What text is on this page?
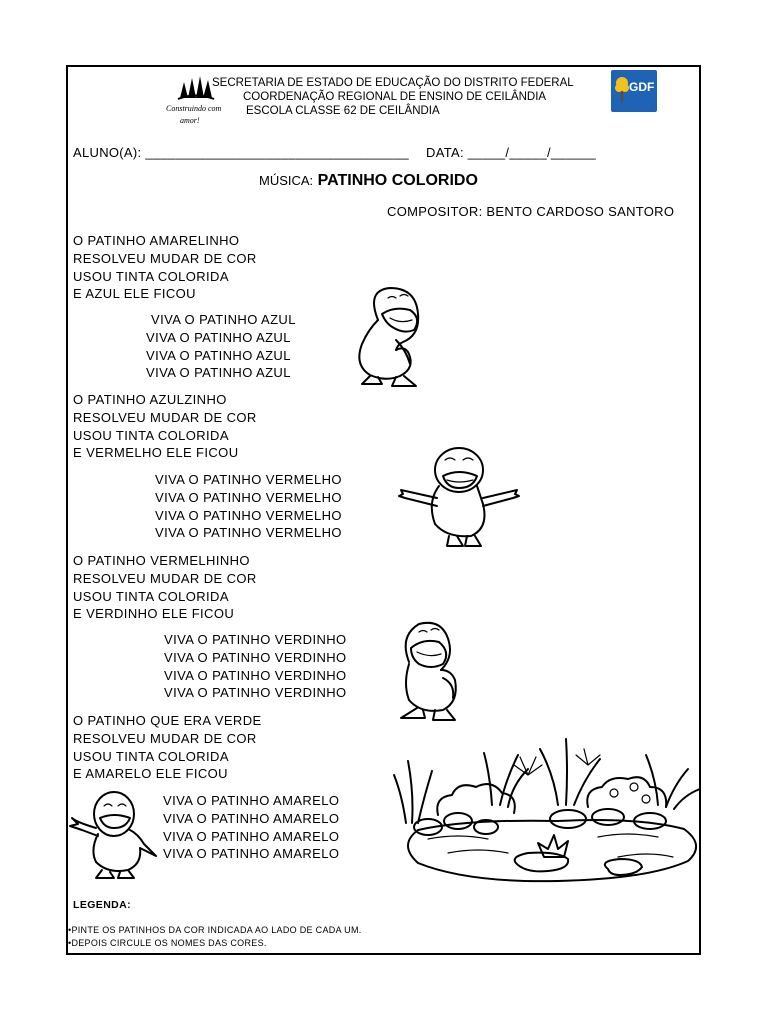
Construindo com
amor!
SECRETARIA DE ESTADO DE EDUCAÇÃO DO DISTRITO FEDERAL
COORDENAÇÃO REGIONAL DE ENSINO DE CEILÂNDIA
ESCOLA CLASSE 62 DE CEILÂNDIA
GDF
ALUNO(A): ___________________________________ DATA: _____/_____/______
MÚSICA: PATINHO COLORIDO
COMPOSITOR: BENTO CARDOSO SANTORO
O PATINHO AMARELINHO
RESOLVEU MUDAR DE COR
USOU TINTA COLORIDA
E AZUL ELE FICOU
VIVA O PATINHO AZUL
VIVA O PATINHO AZUL
VIVA O PATINHO AZUL
VIVA O PATINHO AZUL
O PATINHO AZULZINHO
RESOLVEU MUDAR DE COR
USOU TINTA COLORIDA
E VERMELHO ELE FICOU
VIVA O PATINHO VERMELHO
VIVA O PATINHO VERMELHO
VIVA O PATINHO VERMELHO
VIVA O PATINHO VERMELHO
O PATINHO VERMELHINHO
RESOLVEU MUDAR DE COR
USOU TINTA COLORIDA
E VERDINHO ELE FICOU
VIVA O PATINHO VERDINHO
VIVA O PATINHO VERDINHO
VIVA O PATINHO VERDINHO
VIVA O PATINHO VERDINHO
O PATINHO QUE ERA VERDE
RESOLVEU MUDAR DE COR
USOU TINTA COLORIDA
E AMARELO ELE FICOU
VIVA O PATINHO AMARELO
VIVA O PATINHO AMARELO
VIVA O PATINHO AMARELO
VIVA O PATINHO AMARELO
LEGENDA:
•PINTE OS PATINHOS DA COR INDICADA AO LADO DE CADA UM.
•DEPOIS CIRCULE OS NOMES DAS CORES.
